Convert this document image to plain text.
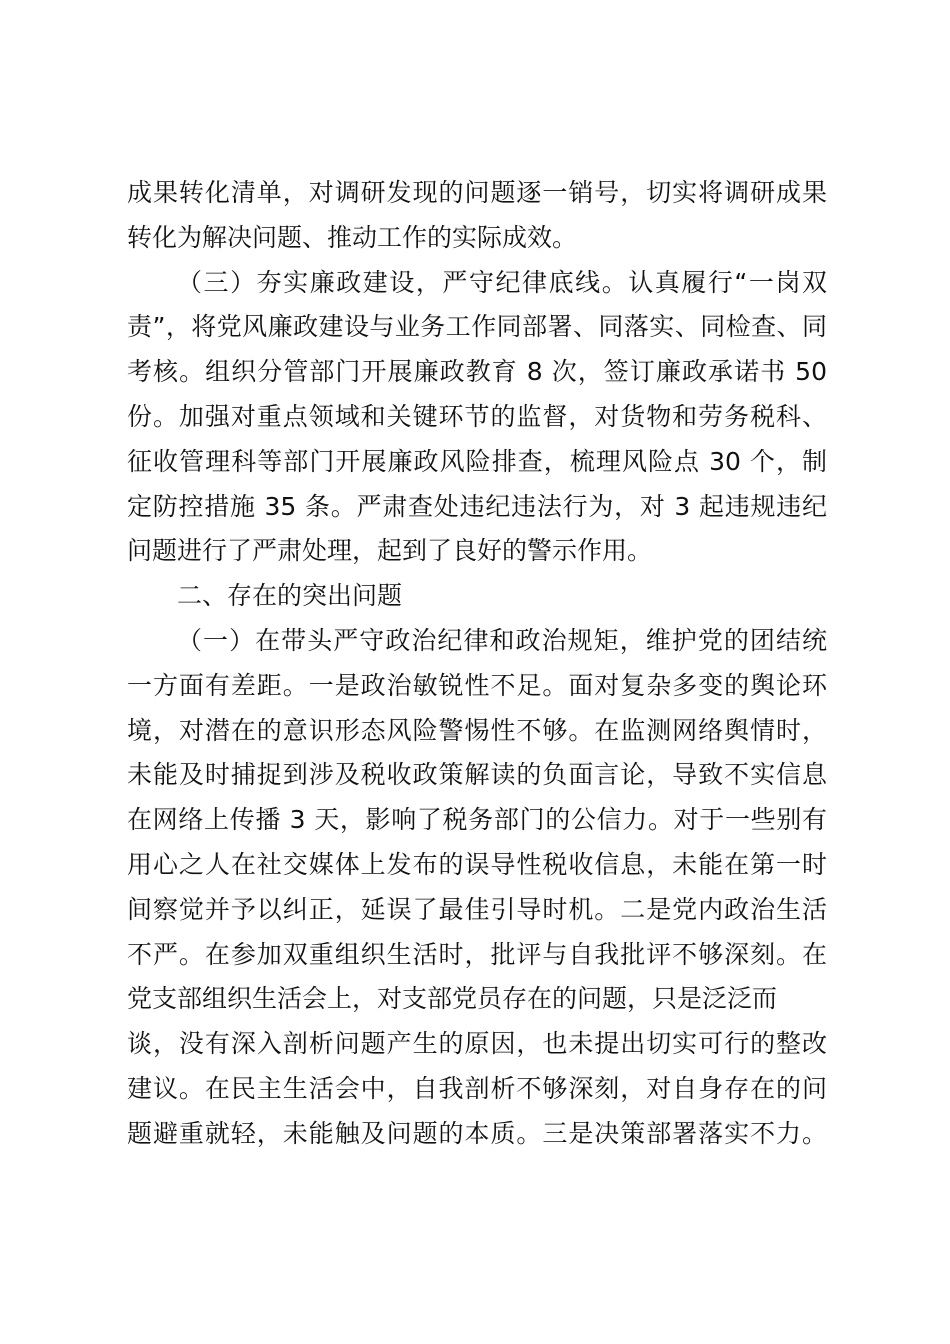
成果转化清单，对调研发现的问题逐一销号，切实将调研成果
转化为解决问题、推动工作的实际成效。
（三）夯实廉政建设，严守纪律底线。认真履行“一岗双
责”，将党风廉政建设与业务工作同部署、同落实、同检查、同
考核。组织分管部门开展廉政教育 8 次，签订廉政承诺书 50
份。加强对重点领域和关键环节的监督，对货物和劳务税科、
征收管理科等部门开展廉政风险排查，梳理风险点 30 个，制
定防控措施 35 条。严肃查处违纪违法行为，对 3 起违规违纪
问题进行了严肃处理，起到了良好的警示作用。
二、存在的突出问题
（一）在带头严守政治纪律和政治规矩，维护党的团结统
一方面有差距。一是政治敏锐性不足。面对复杂多变的舆论环
境，对潜在的意识形态风险警惕性不够。在监测网络舆情时，
未能及时捕捉到涉及税收政策解读的负面言论，导致不实信息
在网络上传播 3 天，影响了税务部门的公信力。对于一些别有
用心之人在社交媒体上发布的误导性税收信息，未能在第一时
间察觉并予以纠正，延误了最佳引导时机。二是党内政治生活
不严。在参加双重组织生活时，批评与自我批评不够深刻。在
党支部组织生活会上，对支部党员存在的问题，只是泛泛而
谈，没有深入剖析问题产生的原因，也未提出切实可行的整改
建议。在民主生活会中，自我剖析不够深刻，对自身存在的问
题避重就轻，未能触及问题的本质。三是决策部署落实不力。
